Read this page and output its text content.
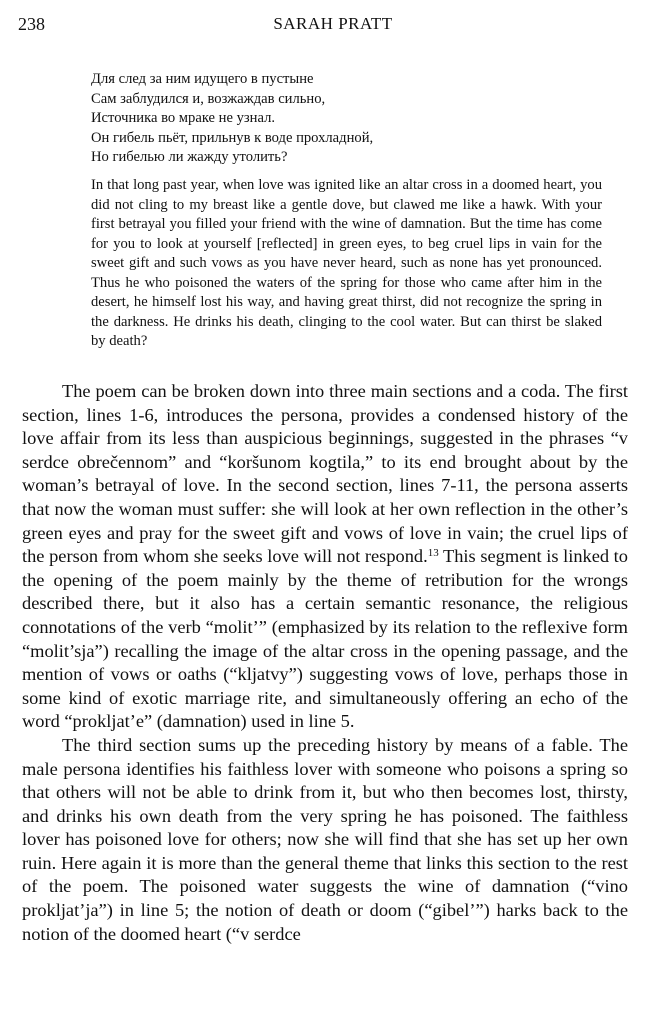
238	SARAH PRATT
Для след за ним идущего в пустыне
Сам заблудился и, возжаждав сильно,
Источника во мраке не узнал.
Он гибель пьёт, прильнув к воде прохладной,
Но гибелью ли жажду утолить?

In that long past year, when love was ignited like an altar cross in a doomed heart, you did not cling to my breast like a gentle dove, but clawed me like a hawk. With your first betrayal you filled your friend with the wine of damnation. But the time has come for you to look at yourself [reflected] in green eyes, to beg cruel lips in vain for the sweet gift and such vows as you have never heard, such as none has yet pronounced. Thus he who poisoned the waters of the spring for those who came after him in the desert, he himself lost his way, and having great thirst, did not recognize the spring in the darkness. He drinks his death, clinging to the cool water. But can thirst be slaked by death?

The poem can be broken down into three main sections and a coda. The first section, lines 1-6, introduces the persona, provides a condensed history of the love affair from its less than auspicious beginnings, suggested in the phrases “v serdce obrečennom” and “koršunom kogtila,” to its end brought about by the woman’s betrayal of love. In the second section, lines 7-11, the persona asserts that now the woman must suffer: she will look at her own reflection in the other’s green eyes and pray for the sweet gift and vows of love in vain; the cruel lips of the person from whom she seeks love will not respond.$^{13}$ This segment is linked to the opening of the poem mainly by the theme of retribution for the wrongs described there, but it also has a certain semantic resonance, the religious connotations of the verb “molit’” (emphasized by its relation to the reflexive form “molit’sja”) recalling the image of the altar cross in the opening passage, and the mention of vows or oaths (“kljatvy”) suggesting vows of love, perhaps those in some kind of exotic marriage rite, and simultaneously offering an echo of the word “prokljat’e” (damnation) used in line 5.

The third section sums up the preceding history by means of a fable. The male persona identifies his faithless lover with someone who poisons a spring so that others will not be able to drink from it, but who then becomes lost, thirsty, and drinks his own death from the very spring he has poisoned. The faithless lover has poisoned love for others; now she will find that she has set up her own ruin. Here again it is more than the general theme that links this section to the rest of the poem. The poisoned water suggests the wine of damnation (“vino prokljat’ja”) in line 5; the notion of death or doom (“gibel’”) harks back to the notion of the doomed heart (“v serdce
